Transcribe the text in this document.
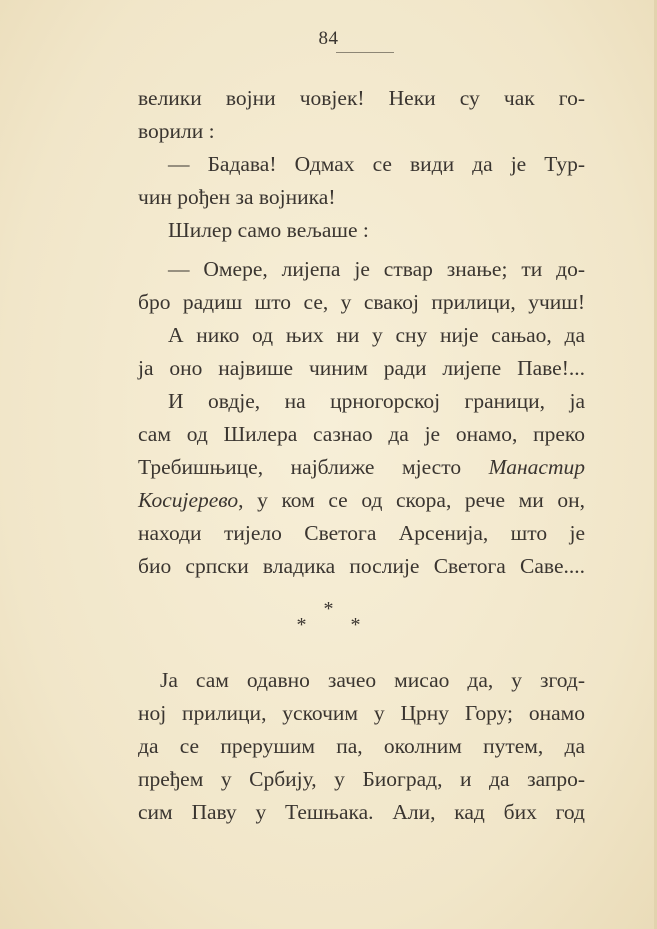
84
велики војни човјек! Неки су чак го-
ворили :
— Бадава! Одмах се види да је Тур-
чин рођен за војника!
Шилер само вељаше :
— Омере, лијепа је ствар знање; ти до-
бро радиш што се, у свакој прилици, учиш!
А нико од њих ни у сну није сањао, да
ја оно највише чиним ради лијепе Паве!...
И овдје, на црногорској граници, ја
сам од Шилера сазнао да је онамо, преко
Требишњице, најближе мјесто Манастир
Косијерево, у ком се од скора, рече ми он,
находи тијело Светога Арсенија, што је
био српски владика послије Светога Саве....
*
*	*
Ја сам одавно зачео мисао да, у згод-
ној прилици, ускочим у Црну Гору; онамо
да се прерушим па, околним путем, да
пређем у Србију, у Биоград, и да запро-
сим Паву у Тешњака. Али, кад бих год
